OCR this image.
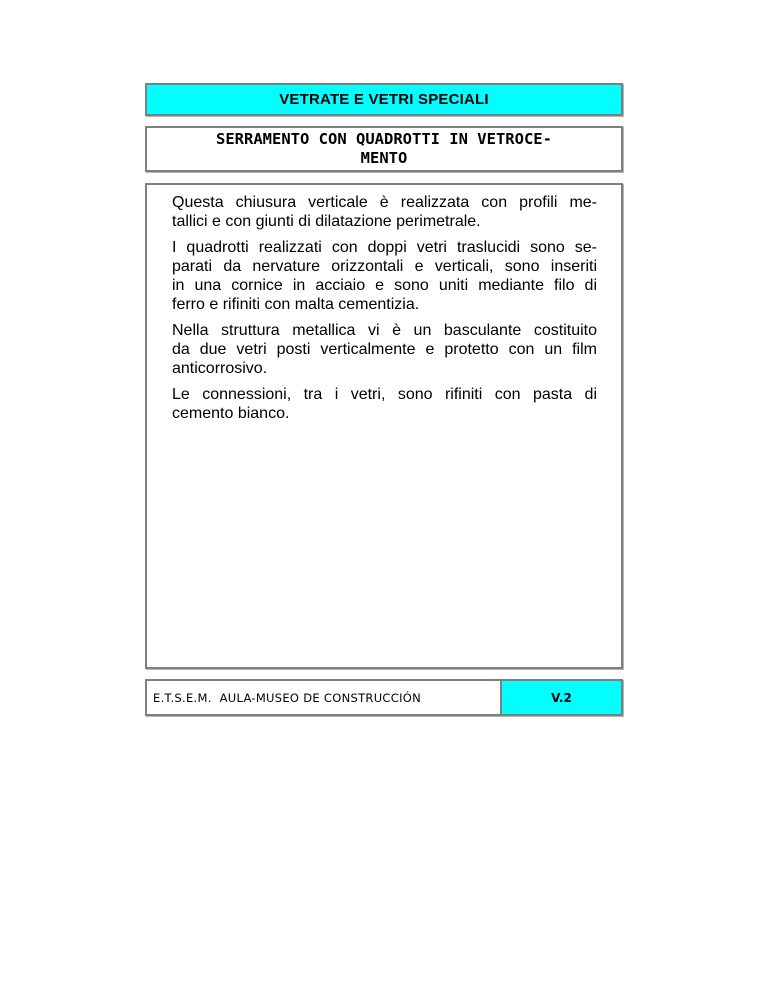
VETRATE E VETRI SPECIALI
SERRAMENTO CON QUADROTTI IN VETROCE-
MENTO
Questa chiusura verticale è realizzata con profili me-
tallici e con giunti di dilatazione perimetrale.
I quadrotti realizzati con doppi vetri traslucidi sono se-
parati da nervature orizzontali e verticali, sono inseriti
in una cornice in acciaio e sono uniti mediante filo di
ferro e rifiniti con malta cementizia.
Nella struttura metallica vi è un basculante costituito
da due vetri posti verticalmente e protetto con un film
anticorrosivo.
Le connessioni, tra i vetri, sono rifiniti con pasta di
cemento bianco.
E.T.S.E.M.  AULA-MUSEO DE CONSTRUCCIÓN	V.2
